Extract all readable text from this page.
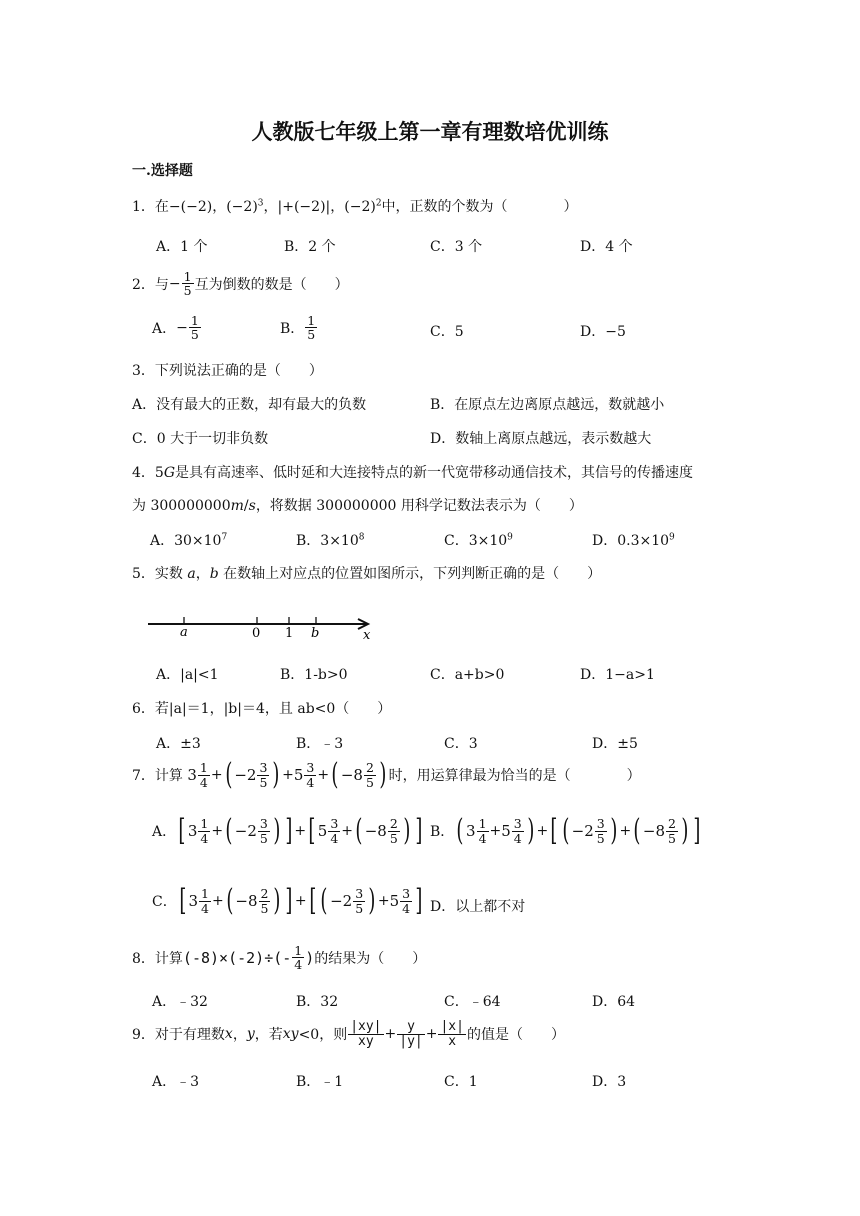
人教版七年级上第一章有理数培优训练
一.选择题
1．在−(−2)，$(-2)^3$，|+(−2)|，$(-2)^2$中，正数的个数为（　　　　）
A．1 个	B．2 个	C．3 个	D．4 个
2．与− $\frac{1}{5}$ 互为倒数的数是（　　）
A．− $\frac{1}{5}$	B． $\frac{1}{5}$	C．5	D．−5
3．下列说法正确的是（　　）
A．没有最大的正数，却有最大的负数	B．在原点左边离原点越远，数就越小
C．0 大于一切非负数	D．数轴上离原点越远，表示数越大
4．5G是具有高速率、低时延和大连接特点的新一代宽带移动通信技术，其信号的传播速度
为 300000000m/s，将数据 300000000 用科学记数法表示为（　　）
A．$30\times 10^7$	B．$3\times 10^8$	C．$3\times 10^9$	D．$0.3\times 10^9$
5．实数 a，b 在数轴上对应点的位置如图所示，下列判断正确的是（　　）
a	0 1 b	x
A．|a|<1	B．1-b>0	C．a+b>0	D．1−a>1
6．若|a|＝1，|b|＝4，且 ab<0（　　）
A．±3	B．﹣3	C．3	D．±5
7．计算 $3 \frac{1}{4}$ +( $-2 \frac{3}{5}$ ) $+5 \frac{3}{4}$ +( $-8 \frac{2}{5}$ ) 时，用运算律最为恰当的是（　　　　）
A．[ $3 \frac{1}{4}$ +( $-2 \frac{3}{5}$ ) ] +[ $5 \frac{3}{4}$ +( $-8 \frac{2}{5}$ ) ] B．( $3 \frac{1}{4} +5 \frac{3}{4}$ ) +[ ( $-2 \frac{3}{5}$ ) +( $-8 \frac{2}{5}$ ) ]
C．[ $3 \frac{1}{4}$ +( $-8 \frac{2}{5}$ ) ] +[ ( $-2 \frac{3}{5}$ ) $+5 \frac{3}{4}$ ] D．以上都不对
8．计算$(-8)\times(-2)\div(- \frac{1}{4}$ )的结果为（　　）
A．﹣32	B．32	C．﹣64	D．64
9．对于有理数x，y，若xy<0，则 $\frac{|xy|}{xy} + \frac{y}{|y|} + \frac{|x|}{x}$ 的值是（　　）
A．﹣3	B．﹣1	C．1	D．3
